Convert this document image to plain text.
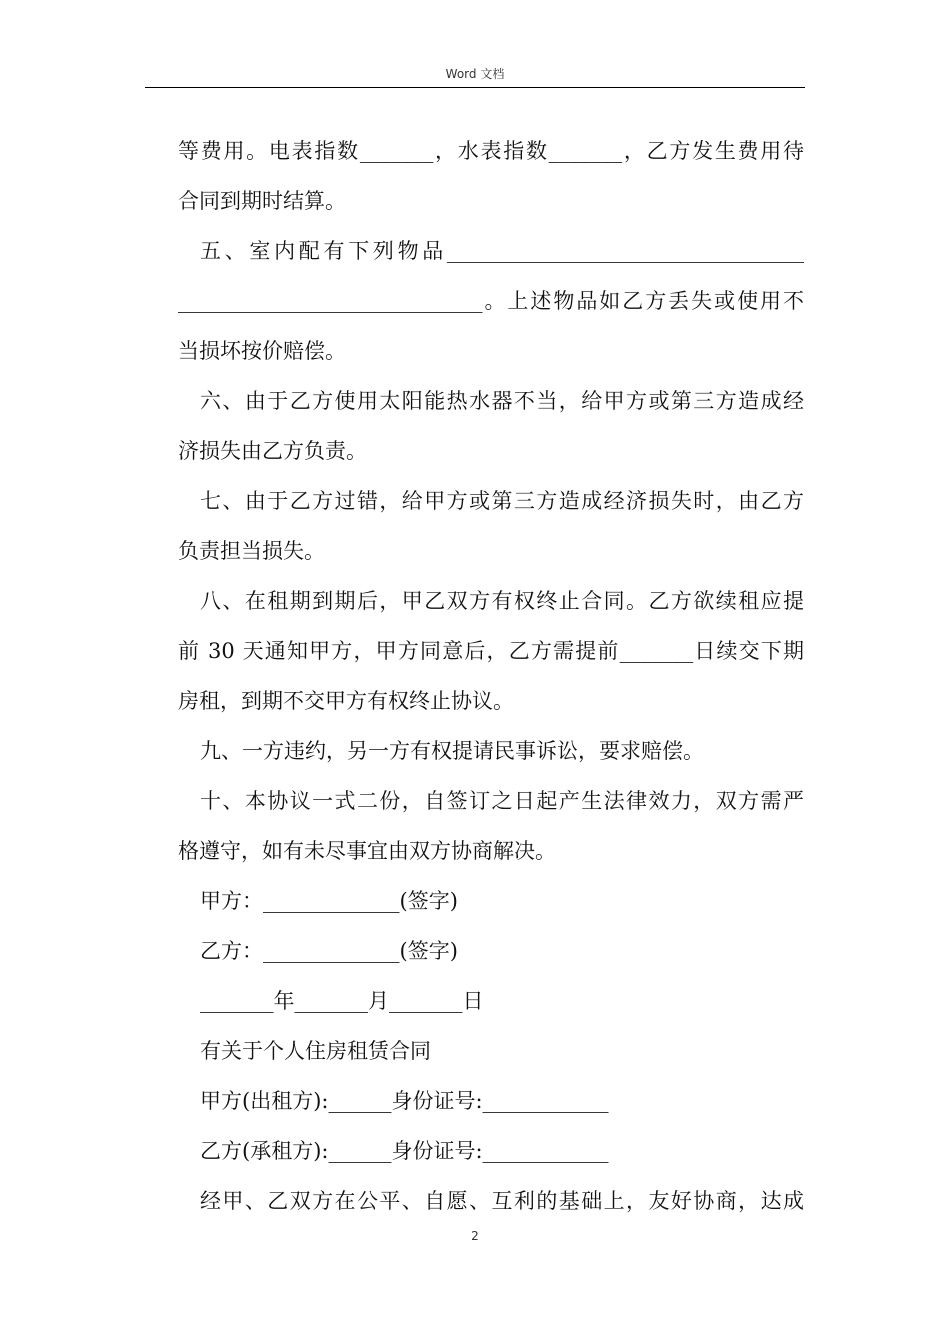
Word 文档
等费用。电表指数_______，水表指数_______，乙方发生费用待
合同到期时结算。
五、室内配有下列物品__________________________________
_____________________________。上述物品如乙方丢失或使用不
当损坏按价赔偿。
六、由于乙方使用太阳能热水器不当，给甲方或第三方造成经
济损失由乙方负责。
七、由于乙方过错，给甲方或第三方造成经济损失时，由乙方
负责担当损失。
八、在租期到期后，甲乙双方有权终止合同。乙方欲续租应提
前 30 天通知甲方，甲方同意后，乙方需提前_______日续交下期
房租，到期不交甲方有权终止协议。
九、一方违约，另一方有权提请民事诉讼，要求赔偿。
十、本协议一式二份，自签订之日起产生法律效力，双方需严
格遵守，如有未尽事宜由双方协商解决。
甲方：_____________(签字)
乙方：_____________(签字)
_______年_______月_______日
有关于个人住房租赁合同
甲方(出租方):______身份证号:____________
乙方(承租方):______身份证号:____________
经甲、乙双方在公平、自愿、互利的基础上，友好协商，达成
2
